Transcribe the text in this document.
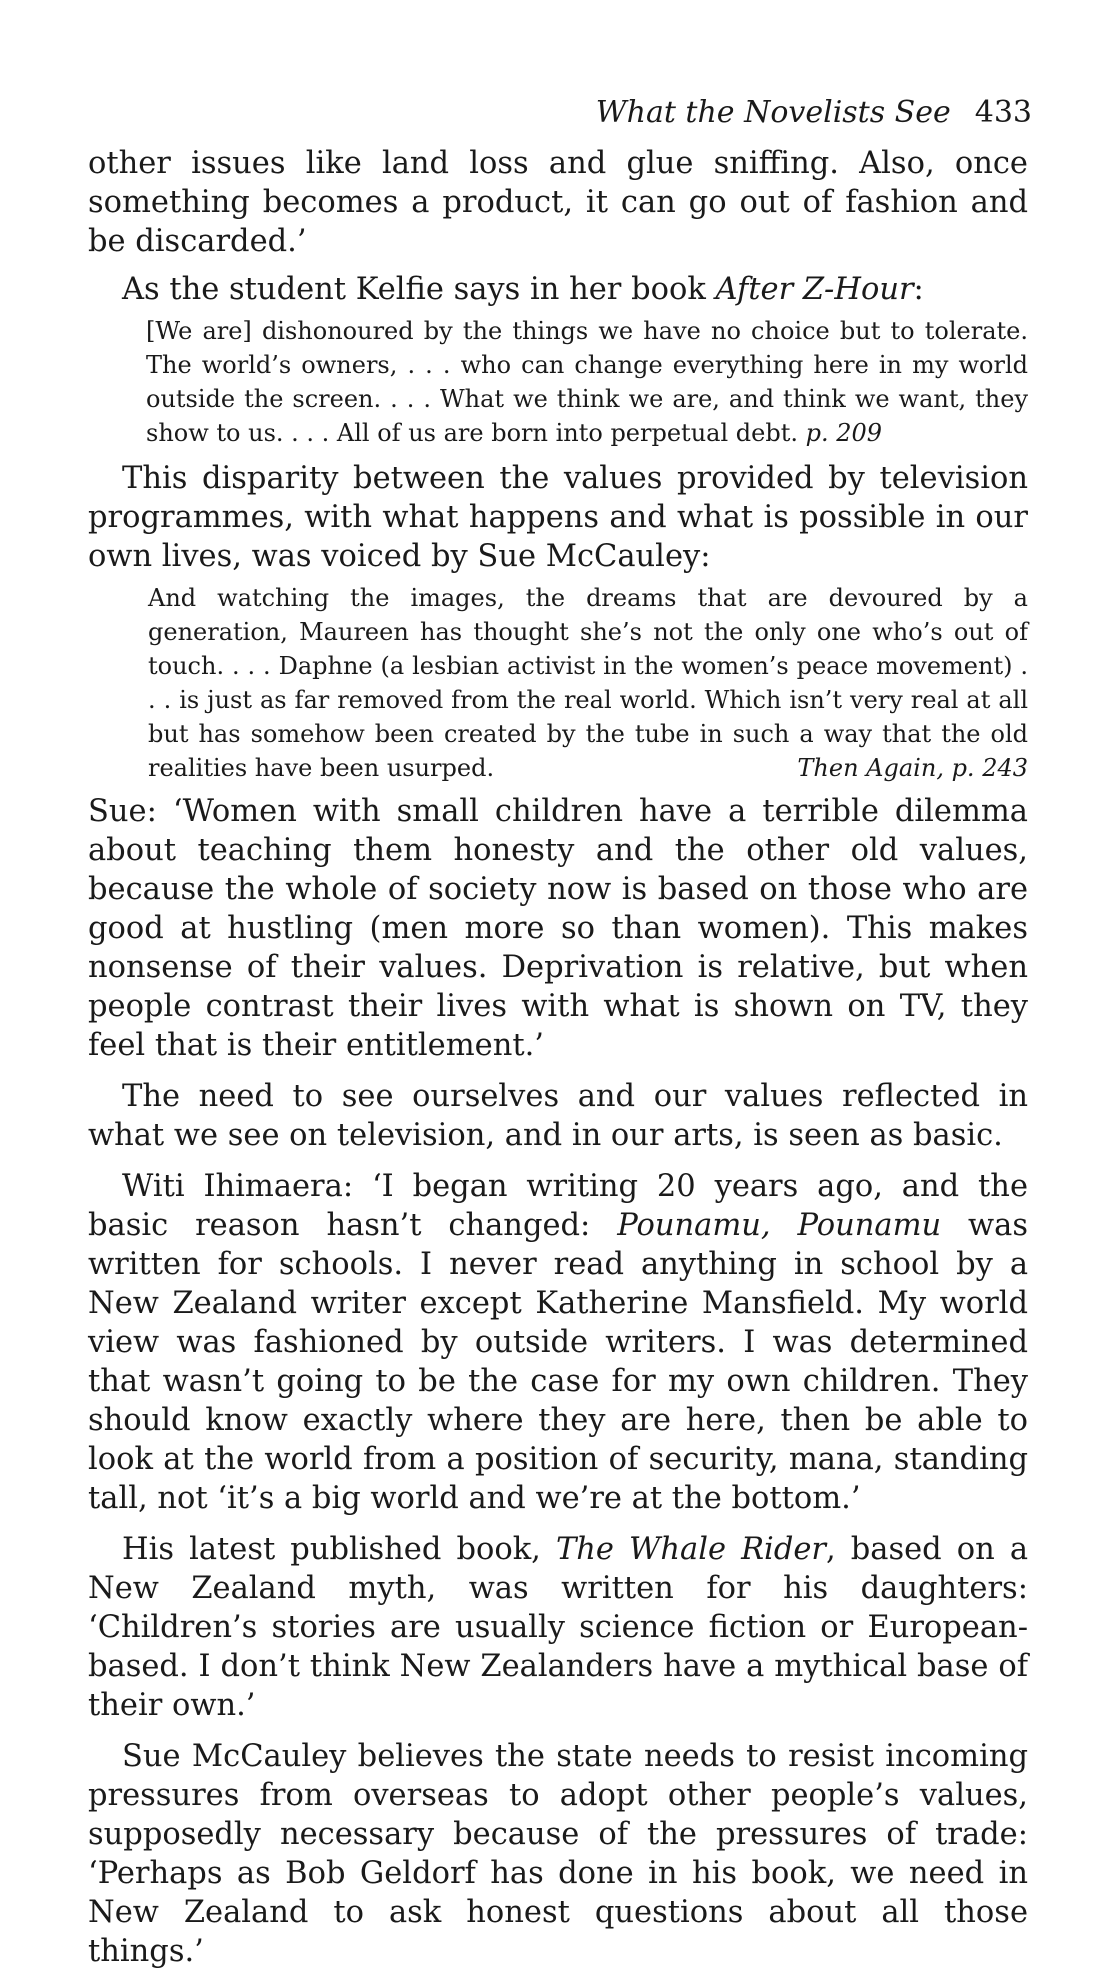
What the Novelists See 433

other issues like land loss and glue sniffing. Also, once something becomes a product, it can go out of fashion and be discarded.’

As the student Kelfie says in her book After Z-Hour:

[We are] dishonoured by the things we have no choice but to tolerate. The world’s owners, . . . who can change everything here in my world outside the screen. . . . What we think we are, and think we want, they show to us. . . . All of us are born into perpetual debt. p. 209

This disparity between the values provided by television programmes, with what happens and what is possible in our own lives, was voiced by Sue McCauley:

And watching the images, the dreams that are devoured by a generation, Maureen has thought she’s not the only one who’s out of touch. . . . Daphne (a lesbian activist in the women’s peace movement) . . . is just as far removed from the real world. Which isn’t very real at all but has somehow been created by the tube in such a way that the old realities have been usurped.	Then Again, p. 243

Sue: ‘Women with small children have a terrible dilemma about teaching them honesty and the other old values, because the whole of society now is based on those who are good at hustling (men more so than women). This makes nonsense of their values. Deprivation is relative, but when people contrast their lives with what is shown on TV, they feel that is their entitlement.’

The need to see ourselves and our values reflected in what we see on television, and in our arts, is seen as basic.

Witi Ihimaera: ‘I began writing 20 years ago, and the basic reason hasn’t changed: Pounamu, Pounamu was written for schools. I never read anything in school by a New Zealand writer except Katherine Mansfield. My world view was fashioned by outside writers. I was determined that wasn’t going to be the case for my own children. They should know exactly where they are here, then be able to look at the world from a position of security, mana, standing tall, not ‘it’s a big world and we’re at the bottom.’

His latest published book, The Whale Rider, based on a New Zealand myth, was written for his daughters: ‘Children’s stories are usually science fiction or European-based. I don’t think New Zealanders have a mythical base of their own.’

Sue McCauley believes the state needs to resist incoming pressures from overseas to adopt other people’s values, supposedly necessary because of the pressures of trade: ‘Perhaps as Bob Geldorf has done in his book, we need in New Zealand to ask honest questions about all those things.’
